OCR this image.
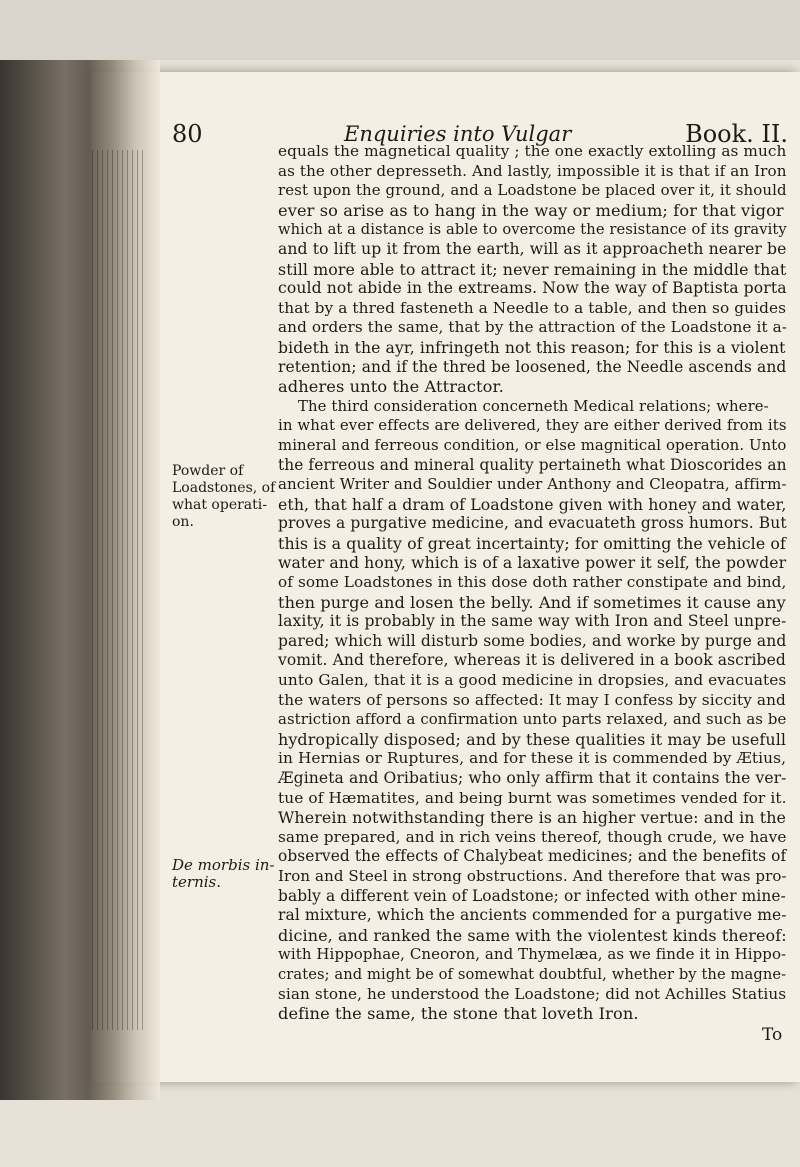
80	Enquiries into Vulgar	Book. II.
Powder of
Loadstones, of
what operati-
on.
De morbis in-
ternis.
equals the magnetical quality ; the one exactly extolling as much
as the other depresseth. And lastly, impossible it is that if an Iron
rest upon the ground, and a Loadstone be placed over it, it should
ever so arise as to hang in the way or medium; for that vigor
which at a distance is able to overcome the resistance of its gravity
and to lift up it from the earth, will as it approacheth nearer be
still more able to attract it; never remaining in the middle that
could not abide in the extreams. Now the way of Baptista porta
that by a thred fasteneth a Needle to a table, and then so guides
and orders the same, that by the attraction of the Loadstone it a-
bideth in the ayr, infringeth not this reason; for this is a violent
retention; and if the thred be loosened, the Needle ascends and
adheres unto the Attractor.
The third consideration concerneth Medical relations; where-
in what ever effects are delivered, they are either derived from its
mineral and ferreous condition, or else magnitical operation. Unto
the ferreous and mineral quality pertaineth what Dioscorides an
ancient Writer and Souldier under Anthony and Cleopatra, affirm-
eth, that half a dram of Loadstone given with honey and water,
proves a purgative medicine, and evacuateth gross humors. But
this is a quality of great incertainty; for omitting the vehicle of
water and hony, which is of a laxative power it self, the powder
of some Loadstones in this dose doth rather constipate and bind,
then purge and losen the belly. And if sometimes it cause any
laxity, it is probably in the same way with Iron and Steel unpre-
pared; which will disturb some bodies, and worke by purge and
vomit. And therefore, whereas it is delivered in a book ascribed
unto Galen, that it is a good medicine in dropsies, and evacuates
the waters of persons so affected: It may I confess by siccity and
astriction afford a confirmation unto parts relaxed, and such as be
hydropically disposed; and by these qualities it may be usefull
in Hernias or Ruptures, and for these it is commended by Ætius,
Ægineta and Oribatius; who only affirm that it contains the ver-
tue of Hæmatites, and being burnt was sometimes vended for it.
Wherein notwithstanding there is an higher vertue: and in the
same prepared, and in rich veins thereof, though crude, we have
observed the effects of Chalybeat medicines; and the benefits of
Iron and Steel in strong obstructions. And therefore that was pro-
bably a different vein of Loadstone; or infected with other mine-
ral mixture, which the ancients commended for a purgative me-
dicine, and ranked the same with the violentest kinds thereof:
with Hippophae, Cneoron, and Thymelæa, as we finde it in Hippo-
crates; and might be of somewhat doubtful, whether by the magne-
sian stone, he understood the Loadstone; did not Achilles Statius
define the same, the stone that loveth Iron.
To
